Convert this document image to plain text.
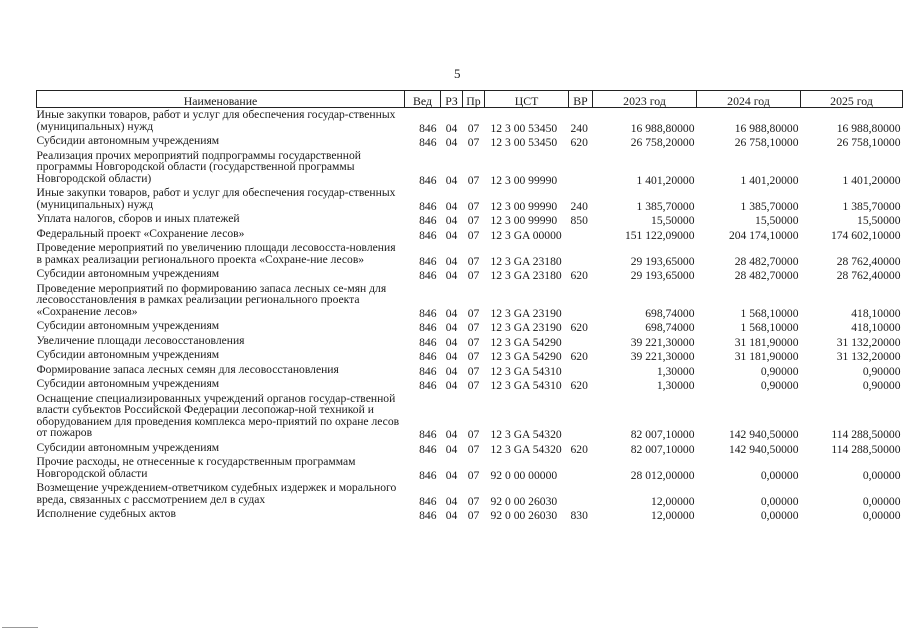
5
Наименование	Вед	РЗ	Пр	ЦСТ	ВР	2023 год	2024 год	2025 год
Иные закупки товаров, работ и услуг для обеспечения государ-ственных (муниципальных) нужд	846	04	07	12 3 00 53450	240	16 988,80000	16 988,80000	16 988,80000
Субсидии автономным учреждениям	846	04	07	12 3 00 53450	620	26 758,20000	26 758,10000	26 758,10000
Реализация прочих мероприятий подпрограммы государственной программы Новгородской области (государственной программы Новгородской области)	846	04	07	12 3 00 99990		1 401,20000	1 401,20000	1 401,20000
Иные закупки товаров, работ и услуг для обеспечения государ-ственных (муниципальных) нужд	846	04	07	12 3 00 99990	240	1 385,70000	1 385,70000	1 385,70000
Уплата налогов, сборов и иных платежей	846	04	07	12 3 00 99990	850	15,50000	15,50000	15,50000
Федеральный проект «Сохранение лесов»	846	04	07	12 3 GA 00000		151 122,09000	204 174,10000	174 602,10000
Проведение мероприятий по увеличению площади лесовосста-новления в рамках реализации регионального проекта «Сохране-ние лесов»	846	04	07	12 3 GA 23180		29 193,65000	28 482,70000	28 762,40000
Субсидии автономным учреждениям	846	04	07	12 3 GA 23180	620	29 193,65000	28 482,70000	28 762,40000
Проведение мероприятий по формированию запаса лесных се-мян для лесовосстановления в рамках реализации регионального проекта «Сохранение лесов»	846	04	07	12 3 GA 23190		698,74000	1 568,10000	418,10000
Субсидии автономным учреждениям	846	04	07	12 3 GA 23190	620	698,74000	1 568,10000	418,10000
Увеличение площади лесовосстановления	846	04	07	12 3 GA 54290		39 221,30000	31 181,90000	31 132,20000
Субсидии автономным учреждениям	846	04	07	12 3 GA 54290	620	39 221,30000	31 181,90000	31 132,20000
Формирование запаса лесных семян для лесовосстановления	846	04	07	12 3 GA 54310		1,30000	0,90000	0,90000
Субсидии автономным учреждениям	846	04	07	12 3 GA 54310	620	1,30000	0,90000	0,90000
Оснащение специализированных учреждений органов государ-ственной власти субъектов Российской Федерации лесопожар-ной техникой и оборудованием для проведения комплекса меро-приятий по охране лесов от пожаров	846	04	07	12 3 GA 54320		82 007,10000	142 940,50000	114 288,50000
Субсидии автономным учреждениям	846	04	07	12 3 GA 54320	620	82 007,10000	142 940,50000	114 288,50000
Прочие расходы, не отнесенные к государственным программам Новгородской области	846	04	07	92 0 00 00000		28 012,00000	0,00000	0,00000
Возмещение учреждением-ответчиком судебных издержек и морального вреда, связанных с рассмотрением дел в судах	846	04	07	92 0 00 26030		12,00000	0,00000	0,00000
Исполнение судебных актов	846	04	07	92 0 00 26030	830	12,00000	0,00000	0,00000
